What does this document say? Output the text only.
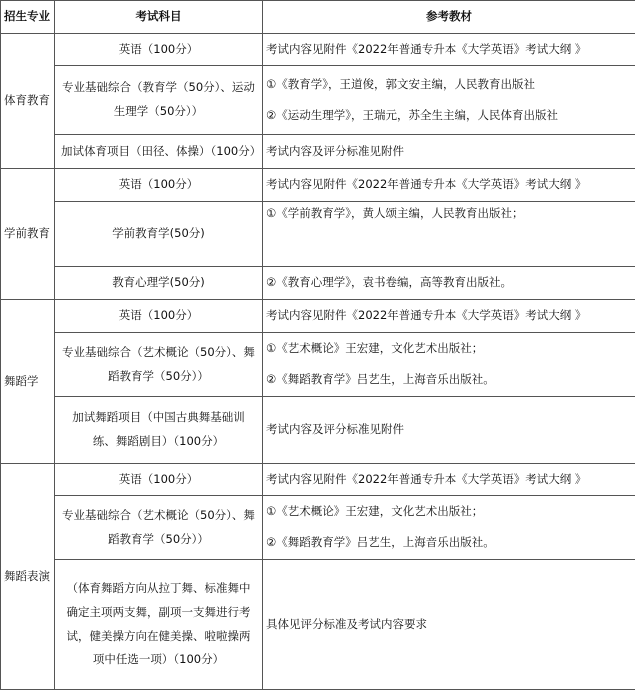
招生专业	考试科目	参考教材
体育教育	英语（100分）	考试内容见附件《2022年普通专升本《大学英语》考试大纲 》
	专业基础综合（教育学（50分）、运动生理学（50分））	①《教育学》，王道俊，郭文安主编，人民教育出版社
②《运动生理学》，王瑞元，苏全生主编，人民体育出版社

	加试体育项目（田径、体操）（100分）	考试内容及评分标准见附件
学前教育	英语（100分）	考试内容见附件《2022年普通专升本《大学英语》考试大纲 》
	学前教育学(50分)	①《学前教育学》，黄人颂主编，人民教育出版社；
	教育心理学(50分)	②《教育心理学》，袁书卷编，高等教育出版社。
舞蹈学	英语（100分）	考试内容见附件《2022年普通专升本《大学英语》考试大纲 》
	专业基础综合（艺术概论（50分）、舞蹈教育学（50分））	①《艺术概论》王宏建，文化艺术出版社；
②《舞蹈教育学》吕艺生，上海音乐出版社。

	加试舞蹈项目（中国古典舞基础训练、舞蹈剧目）（100分）	考试内容及评分标准见附件
舞蹈表演	英语（100分）	考试内容见附件《2022年普通专升本《大学英语》考试大纲 》
	专业基础综合（艺术概论（50分）、舞蹈教育学（50分））	①《艺术概论》王宏建，文化艺术出版社；
②《舞蹈教育学》吕艺生，上海音乐出版社。

	（体育舞蹈方向从拉丁舞、标准舞中确定主项两支舞，副项一支舞进行考试，健美操方向在健美操、啦啦操两项中任选一项）（100分）	具体见评分标准及考试内容要求
